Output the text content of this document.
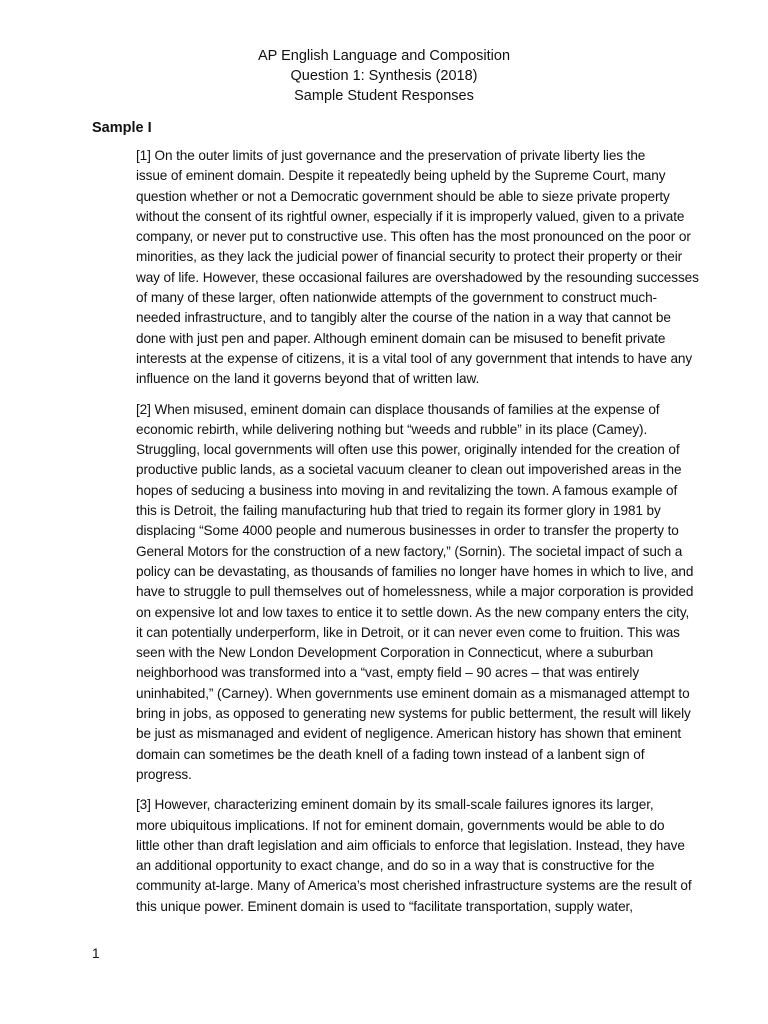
AP English Language and Composition
Question 1: Synthesis (2018)
Sample Student Responses
Sample I

[1] On the outer limits of just governance and the preservation of private liberty lies the
issue of eminent domain. Despite it repeatedly being upheld by the Supreme Court, many
question whether or not a Democratic government should be able to sieze private property
without the consent of its rightful owner, especially if it is improperly valued, given to a private
company, or never put to constructive use. This often has the most pronounced on the poor or
minorities, as they lack the judicial power of financial security to protect their property or their
way of life. However, these occasional failures are overshadowed by the resounding successes
of many of these larger, often nationwide attempts of the government to construct much-
needed infrastructure, and to tangibly alter the course of the nation in a way that cannot be
done with just pen and paper. Although eminent domain can be misused to benefit private
interests at the expense of citizens, it is a vital tool of any government that intends to have any
influence on the land it governs beyond that of written law.

[2] When misused, eminent domain can displace thousands of families at the expense of
economic rebirth, while delivering nothing but “weeds and rubble” in its place (Camey).
Struggling, local governments will often use this power, originally intended for the creation of
productive public lands, as a societal vacuum cleaner to clean out impoverished areas in the
hopes of seducing a business into moving in and revitalizing the town. A famous example of
this is Detroit, the failing manufacturing hub that tried to regain its former glory in 1981 by
displacing “Some 4000 people and numerous businesses in order to transfer the property to
General Motors for the construction of a new factory,” (Sornin). The societal impact of such a
policy can be devastating, as thousands of families no longer have homes in which to live, and
have to struggle to pull themselves out of homelessness, while a major corporation is provided
on expensive lot and low taxes to entice it to settle down. As the new company enters the city,
it can potentially underperform, like in Detroit, or it can never even come to fruition. This was
seen with the New London Development Corporation in Connecticut, where a suburban
neighborhood was transformed into a “vast, empty field – 90 acres – that was entirely
uninhabited,” (Carney). When governments use eminent domain as a mismanaged attempt to
bring in jobs, as opposed to generating new systems for public betterment, the result will likely
be just as mismanaged and evident of negligence. American history has shown that eminent
domain can sometimes be the death knell of a fading town instead of a lanbent sign of
progress.

[3] However, characterizing eminent domain by its small-scale failures ignores its larger,
more ubiquitous implications. If not for eminent domain, governments would be able to do
little other than draft legislation and aim officials to enforce that legislation. Instead, they have
an additional opportunity to exact change, and do so in a way that is constructive for the
community at-large. Many of America’s most cherished infrastructure systems are the result of
this unique power. Eminent domain is used to “facilitate transportation, supply water,

1
